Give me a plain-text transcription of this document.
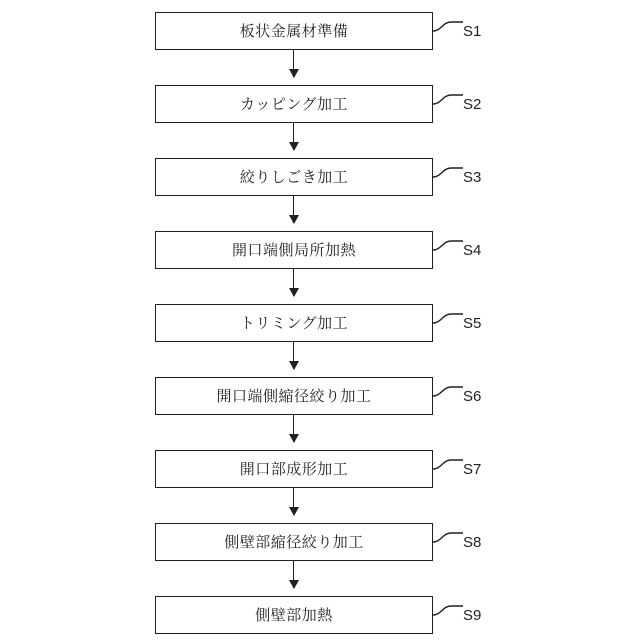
板状金属材準備	S1
カッピング加工	S2
絞りしごき加工	S3
開口端側局所加熱	S4
トリミング加工	S5
開口端側縮径絞り加工	S6
開口部成形加工	S7
側壁部縮径絞り加工	S8
側壁部加熱	S9
